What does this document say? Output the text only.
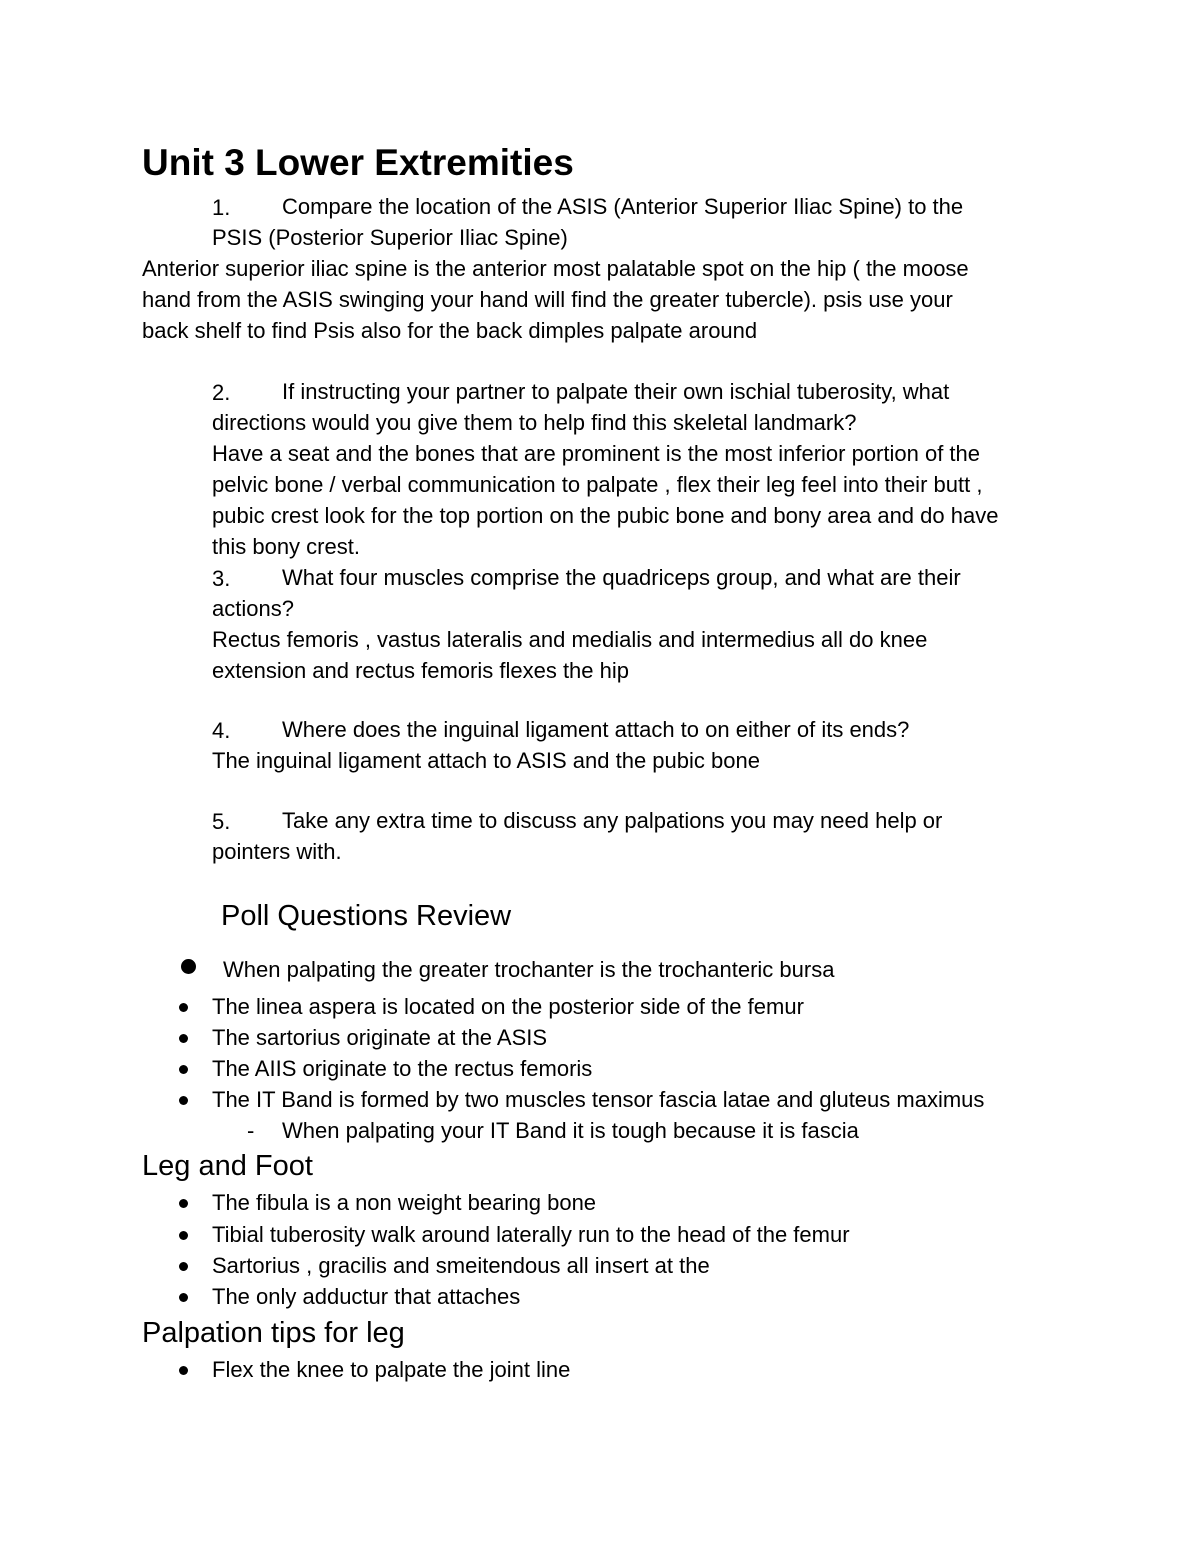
Unit 3 Lower Extremities
1. Compare the location of the ASIS (Anterior Superior Iliac Spine) to the
PSIS (Posterior Superior Iliac Spine)
Anterior superior iliac spine is the anterior most palatable spot on the hip ( the moose
hand from the ASIS swinging your hand will find the greater tubercle). psis use your
back shelf to find Psis also for the back dimples palpate around
2. If instructing your partner to palpate their own ischial tuberosity, what
directions would you give them to help find this skeletal landmark?
Have a seat and the bones that are prominent is the most inferior portion of the
pelvic bone / verbal communication to palpate , flex their leg feel into their butt ,
pubic crest look for the top portion on the pubic bone and bony area and do have
this bony crest.
3. What four muscles comprise the quadriceps group, and what are their
actions?
Rectus femoris , vastus lateralis and medialis and intermedius all do knee
extension and rectus femoris flexes the hip
4. Where does the inguinal ligament attach to on either of its ends?
The inguinal ligament attach to ASIS and the pubic bone
5. Take any extra time to discuss any palpations you may need help or
pointers with.
Poll Questions Review
When palpating the greater trochanter is the trochanteric bursa
The linea aspera is located on the posterior side of the femur
The sartorius originate at the ASIS
The AIIS originate to the rectus femoris
The IT Band is formed by two muscles tensor fascia latae and gluteus maximus
- When palpating your IT Band it is tough because it is fascia
Leg and Foot
The fibula is a non weight bearing bone
Tibial tuberosity walk around laterally run to the head of the femur
Sartorius , gracilis and smeitendous all insert at the
The only adductur that attaches
Palpation tips for leg
Flex the knee to palpate the joint line
